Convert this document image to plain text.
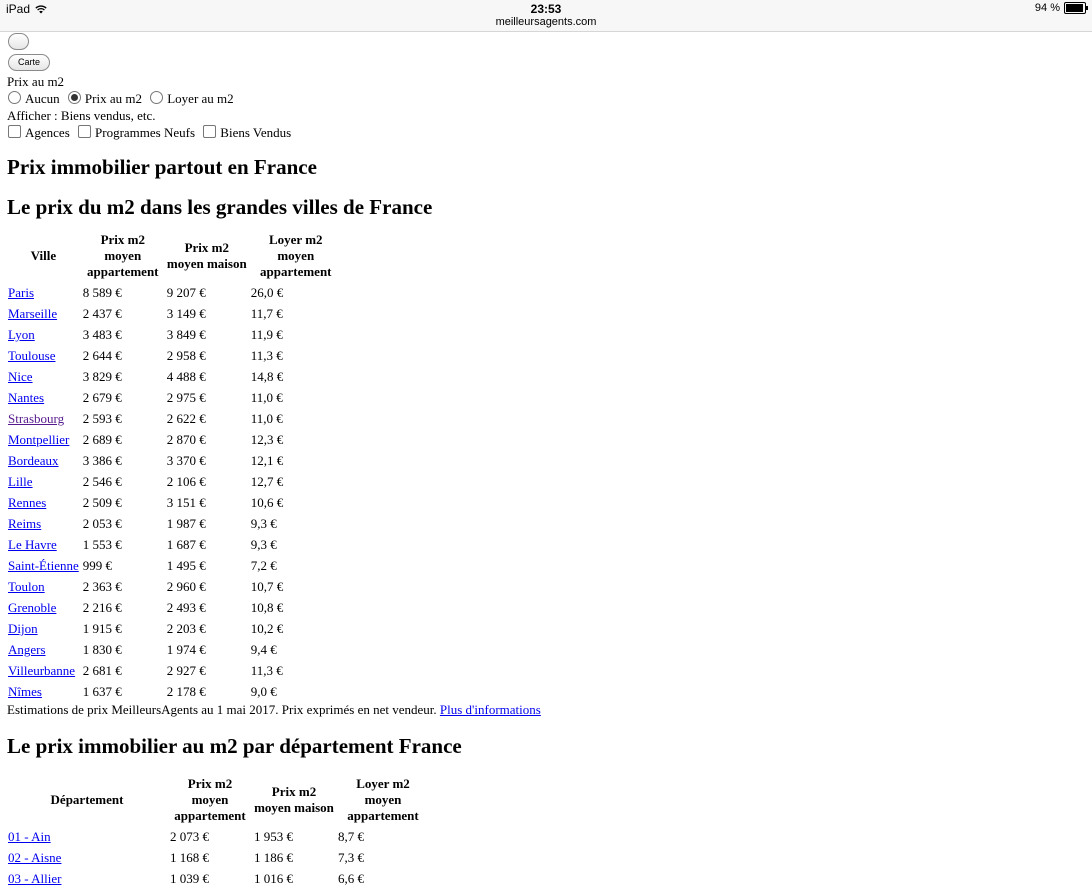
iPad	23:53
meilleursagents.com
94 %
Carte
Prix au m2
Aucun Prix au m2 Loyer au m2
Afficher : Biens vendus, etc.
Agences Programmes Neufs Biens Vendus
Prix immobilier partout en France
Le prix du m2 dans les grandes villes de France
Ville	Prix m2 moyen appartement	Prix m2 moyen maison	Loyer m2 moyen appartement
Paris	8 589 €	9 207 €	26,0 €
Marseille	2 437 €	3 149 €	11,7 €
Lyon	3 483 €	3 849 €	11,9 €
Toulouse	2 644 €	2 958 €	11,3 €
Nice	3 829 €	4 488 €	14,8 €
Nantes	2 679 €	2 975 €	11,0 €
Strasbourg	2 593 €	2 622 €	11,0 €
Montpellier	2 689 €	2 870 €	12,3 €
Bordeaux	3 386 €	3 370 €	12,1 €
Lille	2 546 €	2 106 €	12,7 €
Rennes	2 509 €	3 151 €	10,6 €
Reims	2 053 €	1 987 €	9,3 €
Le Havre	1 553 €	1 687 €	9,3 €
Saint-Étienne	999 €	1 495 €	7,2 €
Toulon	2 363 €	2 960 €	10,7 €
Grenoble	2 216 €	2 493 €	10,8 €
Dijon	1 915 €	2 203 €	10,2 €
Angers	1 830 €	1 974 €	9,4 €
Villeurbanne	2 681 €	2 927 €	11,3 €
Nîmes	1 637 €	2 178 €	9,0 €
Estimations de prix MeilleursAgents au 1 mai 2017. Prix exprimés en net vendeur. Plus d'informations
Le prix immobilier au m2 par département France
Département	Prix m2 moyen appartement	Prix m2 moyen maison	Loyer m2 moyen appartement
01 - Ain	2 073 €	1 953 €	8,7 €
02 - Aisne	1 168 €	1 186 €	7,3 €
03 - Allier	1 039 €	1 016 €	6,6 €
